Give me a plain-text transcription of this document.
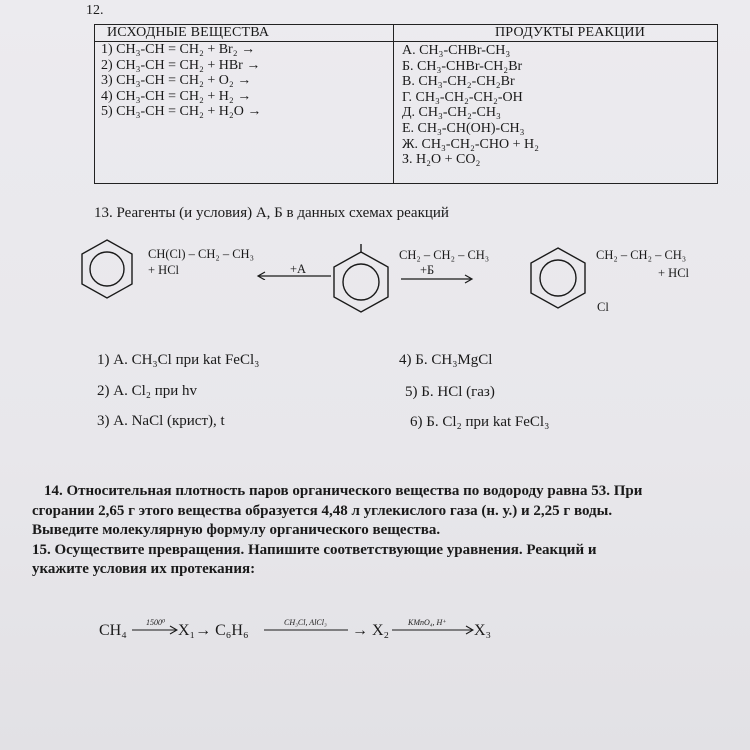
12.
ИСХОДНЫЕ ВЕЩЕСТВА	ПРОДУКТЫ РЕАКЦИИ
1) CH₃-CH = CH₂ + Br₂ →
2) CH₃-CH = CH₂ + HBr →
3) CH₃-CH = CH₂ + O₂ →
4) CH₃-CH = CH₂ + H₂ →
5) CH₃-CH = CH₂ + H₂O →
А. CH₃-CHBr-CH₃
Б. CH₃-CHBr-CH₂Br
В. CH₃-CH₂-CH₂Br
Г. CH₃-CH₂-CH₂-OH
Д. CH₃-CH₂-CH₃
Е. CH₃-CH(OH)-CH₃
Ж. CH₃-CH₂-CHO + H₂
З. H₂O + CO₂
13. Реагенты (и условия) А, Б в данных схемах реакций
CH(Cl) – CH₂ – CH₃
+ HCl	+A
CH₂ – CH₂ – CH₃
+Б
CH₂ – CH₂ – CH₃
+ HCl
Cl
1) А. CH₃Cl при kat FeCl₃
2) А. Cl₂ при hv
3) А. NaCl (крист), t
4) Б. CH₃MgCl
5) Б. HCl (газ)
6) Б. Cl₂ при kat FeCl₃
14. Относительная плотность паров органического вещества по водороду равна 53. При
сгорании 2,65 г этого вещества образуется 4,48 л углекислого газа (н. у.) и 2,25 г воды.
Выведите молекулярную формулу органического вещества.
15. Осуществите превращения. Напишите соответствующие уравнения. Реакций и
укажите условия их протекания:
CH₄ 1500⁰ X₁→ C₆H₆	CH₃Cl, AlCl₃ → X₂ KMnO₄, H⁺ X₃
